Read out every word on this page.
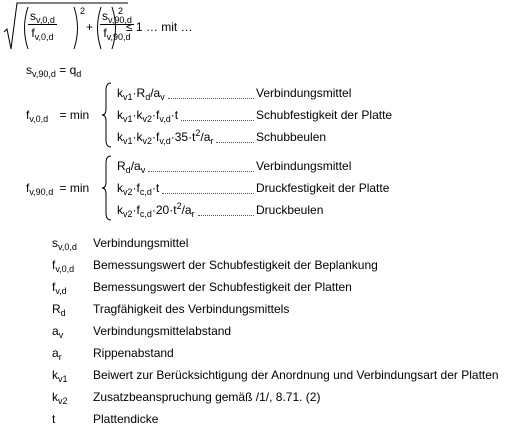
$\frac{s_{v,0,d}}{f_{v,0,d}}$	2
+ $\frac{s_{v,90,d}}{f_{v,90,d}}$
2
≤ 1 … mit …
$s_{v,90,d} = q_d$
$f_{v,0,d} = \min$
$k_{v1}\cdot R_d/a_v$	Verbindungsmittel
$k_{v1}\cdot k_{v2}\cdot f_{v,d}\cdot t$	Schubfestigkeit der Platte
$k_{v1}\cdot k_{v2}\cdot f_{v,d}\cdot 35\cdot t^2/a_r$	Schubbeulen
$f_{v,90,d} = \min$
$R_d/a_v$	Verbindungsmittel
$k_{v2}\cdot f_{c,d}\cdot t$	Druckfestigkeit der Platte
$k_{v2}\cdot f_{c,d}\cdot 20\cdot t^2/a_r$	Druckbeulen
$s_{v,0,d}$ Verbindungsmittel
$f_{v,0,d}$ Bemessungswert der Schubfestigkeit der Beplankung
$f_{v,d}$ Bemessungswert der Schubfestigkeit der Platten
$R_d$ Tragfähigkeit des Verbindungsmittels
$a_v$ Verbindungsmittelabstand
$a_r$	Rippenabstand
$k_{v1}$ Beiwert zur Berücksichtigung der Anordnung und Verbindungsart der Platten
$k_{v2}$ Zusatzbeanspruchung gemäß /1/, 8.71. (2)
t	Plattendicke
